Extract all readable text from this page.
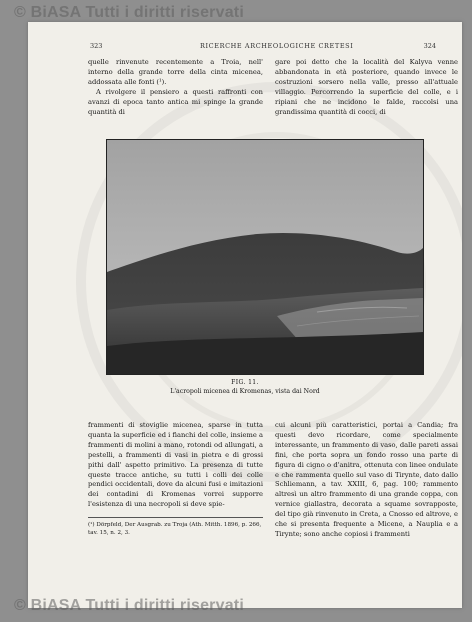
323	RICERCHE ARCHEOLOGICHE CRETESI	324

quelle rinvenute recentemente a Troia, nell' interno della grande torre della cinta micenea, addossata alle fonti (¹).

A rivolgere il pensiero a questi raffronti con avanzi di epoca tanto antica mi spinge la grande quantità di

gare poi detto che la località del Kalyva venne abbandonata in età posteriore, quando invece le costruzioni sorsero nella valle, presso all'attuale villaggio. Percorrendo la superficie del colle, e i ripiani che ne incidono le falde, raccolsi una grandissima quantità di cocci, di

FIG. 11.
L'acropoli micenea di Kromenas, vista dai Nord

frammenti di stoviglie micenea, sparse in tutta quanta la superficie ed i fianchi del colle, insieme a frammenti di molini a mano, rotondi od allungati, a pestelli, a frammenti di vasi in pietra e di grossi pithi dall' aspetto primitivo. La presenza di tutte queste tracce antiche, su tutti i colli dei colle pendici occidentali, dove da alcuni fusi e imitazioni dei contadini di Kromenas vorrei supporre l'esistenza di una necropoli si deve spie-

cui alcuni più caratteristici, portai a Candia; fra questi devo ricordare, come specialmente interessante, un frammento di vaso, dalle pareti assai fini, che porta sopra un fondo rosso una parte di figura di cigno o d'anitra, ottenuta con linee ondulate e che rammenta quello sul vaso di Tirynte, dato dallo Schliemann, a tav. XXIII, 6, pag. 100; rammento altresì un altro frammento di una grande coppa, con vernice giallastra, decorata a squame sovrapposte, del tipo già rinvenuto in Creta, a Cnosso ed altrove, e che si presenta frequente a Micene, a Nauplia e a Tirynte; sono anche copiosi i frammenti

(¹) Dörpfeld, Der Ausgrab. zu Troja (Ath. Mitth. 1896, p. 266, tav. 15, n. 2, 3.
© BiASA Tutti i diritti riservati
© BiASA Tutti i diritti riservati
